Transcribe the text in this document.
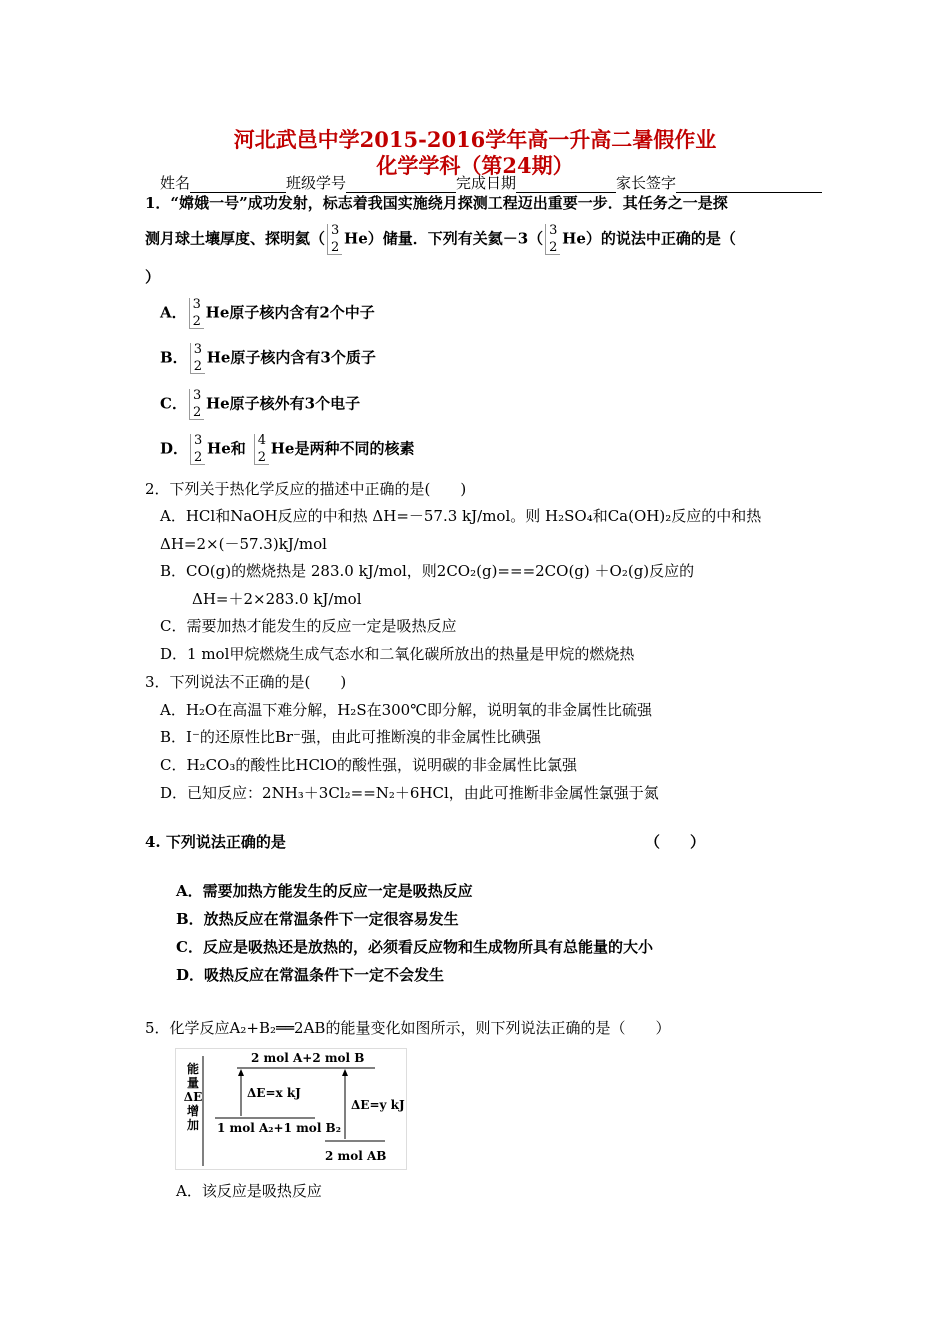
河北武邑中学2015-2016学年高一升高二暑假作业
化学学科（第24期）
姓名	班级学号	完成日期	家长签字
1．“嫦娥一号”成功发射，标志着我国实施绕月探测工程迈出重要一步．其任务之一是探
测月球土壤厚度、探明氦（ 3
2 He）储量．下列有关氦－3（ 3
2 He）的说法中正确的是（
）
A． 3
2 He原子核内含有2个中子
B． 3
2 He原子核内含有3个质子
C． 3
2 He原子核外有3个电子
D． 3
2 He和 4
2 He是两种不同的核素
2．下列关于热化学反应的描述中正确的是(　　)
A．HCl和NaOH反应的中和热 ΔH=－57.3 kJ/mol。则 H₂SO₄和Ca(OH)₂反应的中和热
ΔH=2×(－57.3)kJ/mol
B．CO(g)的燃烧热是 283.0 kJ/mol，则2CO₂(g)===2CO(g) ＋O₂(g)反应的
ΔH=＋2×283.0 kJ/mol
C．需要加热才能发生的反应一定是吸热反应
D．1 mol甲烷燃烧生成气态水和二氧化碳所放出的热量是甲烷的燃烧热
3．下列说法不正确的是(　　)
A．H₂O在高温下难分解，H₂S在300℃即分解，说明氧的非金属性比硫强
B．I⁻的还原性比Br⁻强，由此可推断溴的非金属性比碘强
C．H₂CO₃的酸性比HClO的酸性强，说明碳的非金属性比氯强
D．已知反应：2NH₃＋3Cl₂==N₂＋6HCl，由此可推断非金属性氯强于氮
4. 下列说法正确的是	（　　）
A．需要加热方能发生的反应一定是吸热反应
B．放热反应在常温条件下一定很容易发生
C．反应是吸热还是放热的，必须看反应物和生成物所具有总能量的大小
D．吸热反应在常温条件下一定不会发生
5．化学反应A₂+B₂══2AB的能量变化如图所示，则下列说法正确的是（　　）
能
量
ΔE
增
加
2 mol A+2 mol B
ΔE=x kJ
1 mol A₂+1 mol B₂
ΔE=y kJ
2 mol AB
A．该反应是吸热反应
